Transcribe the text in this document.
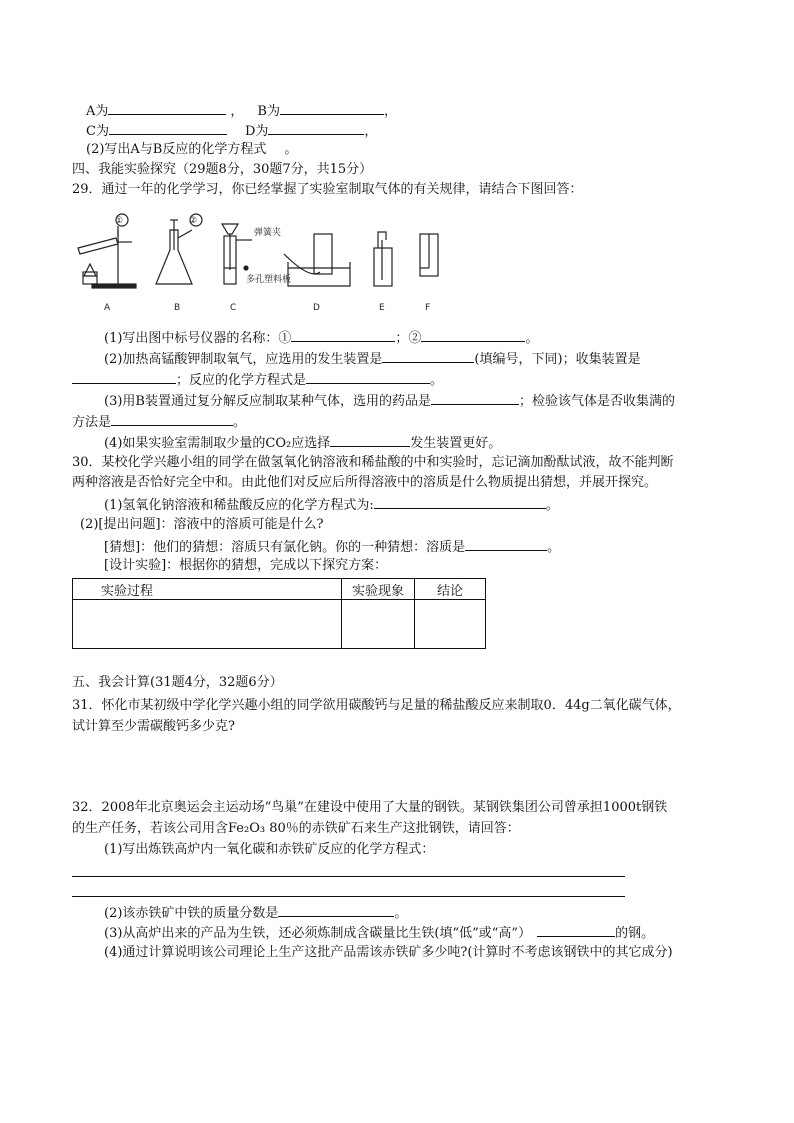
A为	， B为	，
C为	D为	，
(2)写出A与B反应的化学方程式 。
四、我能实验探究（29题8分，30题7分，共15分）
29．通过一年的化学学习，你已经掌握了实验室制取气体的有关规律，请结合下图回答：
①	②
弹簧夹
多孔塑料板
A	B	C	D	E	F
(1)写出图中标号仪器的名称：①	；②	。
(2)加热高锰酸钾制取氧气，应选用的发生装置是	(填编号，下同)；收集装置是
；反应的化学方程式是	。
(3)用B装置通过复分解反应制取某种气体，选用的药品是	；检验该气体是否收集满的
方法是	。
(4)如果实验室需制取少量的CO₂应选择	发生装置更好。
30．某校化学兴趣小组的同学在做氢氧化钠溶液和稀盐酸的中和实验时，忘记滴加酚酞试液，故不能判断
两种溶液是否恰好完全中和。由此他们对反应后所得溶液中的溶质是什么物质提出猜想，并展开探究。
(1)氢氧化钠溶液和稀盐酸反应的化学方程式为:	。
(2)[提出问题]：溶液中的溶质可能是什么?
[猜想]：他们的猜想：溶质只有氯化钠。你的一种猜想：溶质是	。
[设计实验]：根据你的猜想，完成以下探究方案：
实验过程	实验现象	结论

五、我会计算(31题4分，32题6分）
31．怀化市某初级中学化学兴趣小组的同学欲用碳酸钙与足量的稀盐酸反应来制取0．44g二氧化碳气体，
试计算至少需碳酸钙多少克?
32．2008年北京奥运会主运动场“鸟巢”在建设中使用了大量的钢铁。某钢铁集团公司曾承担1000t钢铁
的生产任务，若该公司用含Fe₂O₃ 80％的赤铁矿石来生产这批钢铁，请回答：
(1)写出炼铁高炉内一氧化碳和赤铁矿反应的化学方程式：
(2)该赤铁矿中铁的质量分数是	。
(3)从高炉出来的产品为生铁，还必须炼制成含碳量比生铁(填“低”或“高”）	的钢。
(4)通过计算说明该公司理论上生产这批产品需该赤铁矿多少吨?(计算时不考虑该钢铁中的其它成分)
